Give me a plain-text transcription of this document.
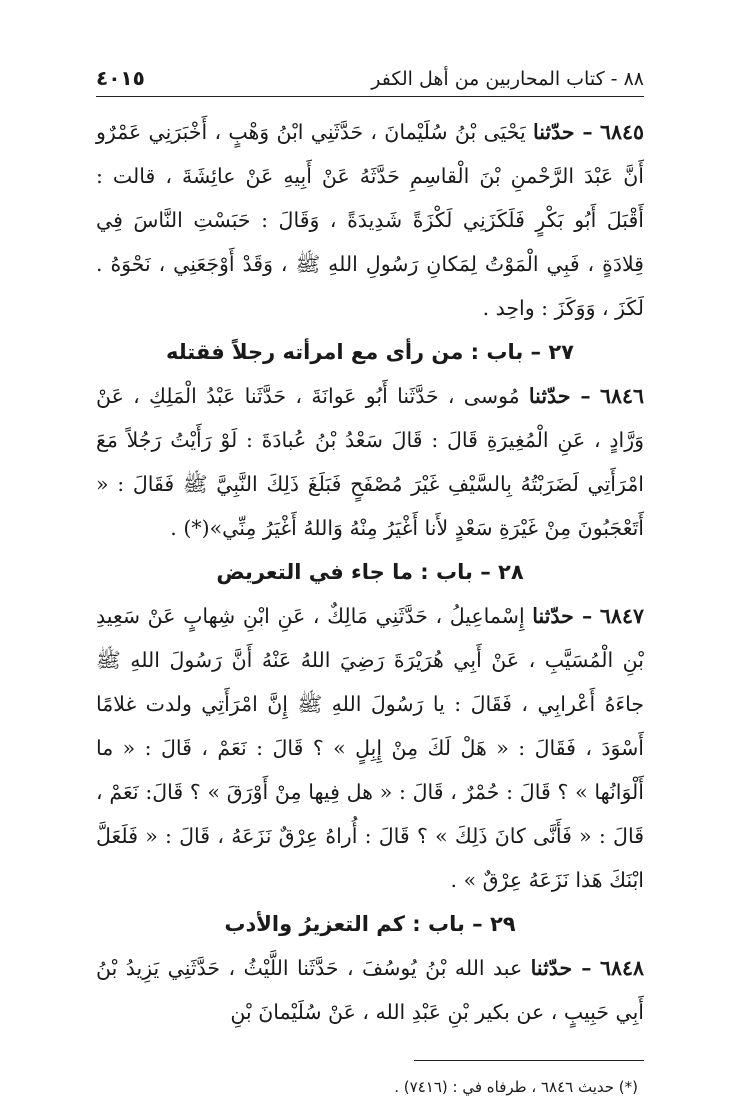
٨٨ - كتاب المحاربين من أهل الكفر
٤٠١٥

٦٨٤٥ – حدّثنا يَحْيَى بْنُ سُلَيْمانَ ، حَدَّثَنِي ابْنُ وَهْبٍ ، أَخْبَرَنِي عَمْرٌو أَنَّ عَبْدَ الرَّحْمنِ بْنَ الْقاسِمِ حَدَّثَهُ عَنْ أَبِيهِ عَنْ عائِشَةَ ، قالت : أَقْبَلَ أَبُو بَكْرٍ فَلَكَزَنِي لَكْزَةً شَدِيدَةً ، وَقَالَ : حَبَسْتِ النَّاسَ فِي قِلادَةٍ ، فَبِي الْمَوْتُ لِمَكانِ رَسُولِ اللهِ ﷺ ، وَقَدْ أَوْجَعَنِي ، نَحْوَهُ . لَكَزَ ، وَوَكَزَ : واحِد .

٢٧ – باب : من رأى مع امرأته رجلاً فقتله

٦٨٤٦ – حدّثنا مُوسى ، حَدَّثَنا أَبُو عَوانَةَ ، حَدَّثَنا عَبْدُ الْمَلِكِ ، عَنْ وَرَّادٍ ، عَنِ الْمُغِيرَةِ قَالَ : قَالَ سَعْدُ بْنُ عُبادَةَ : لَوْ رَأَيْتُ رَجُلاً مَعَ امْرَأَتِي لَضَرَبْتُهُ بِالسَّيْفِ غَيْرَ مُصْفَحٍ فَبَلَغَ ذَلِكَ النَّبِيَّ ﷺ فَقَالَ : « أَتَعْجَبُونَ مِنْ غَيْرَةِ سَعْدٍ لأَنا أَغْيَرُ مِنْهُ وَاللهُ أَغْيَرُ مِنِّي»(*) .

٢٨ – باب : ما جاء في التعريض

٦٨٤٧ – حدّثنا إِسْماعِيلُ ، حَدَّثَنِي مَالِكٌ ، عَنِ ابْنِ شِهابٍ عَنْ سَعِيدِ بْنِ الْمُسَيَّبِ ، عَنْ أَبِي هُرَيْرَةَ رَضِيَ اللهُ عَنْهُ أَنَّ رَسُولَ اللهِ ﷺ جاءَهُ أَعْرابِي ، فَقَالَ : يا رَسُولَ اللهِ ﷺ إِنَّ امْرَأَتِي ولدت غلامًا أَسْوَدَ ، فَقَالَ : « هَلْ لَكَ مِنْ إِبِلٍ » ؟ قَالَ : نَعَمْ ، قَالَ : « ما أَلْوَانُها » ؟ قَالَ : حُمْرٌ ، قَالَ : « هل فِيها مِنْ أَوْرَقَ » ؟ قَالَ: نَعَمْ ، قَالَ : « فَأَنَّى كانَ ذَلِكَ » ؟ قَالَ : أُراهُ عِرْقٌ نَزَعَهُ ، قَالَ : « فَلَعَلَّ ابْنَكَ هَذا نَزَعَهُ عِرْقٌ » .

٢٩ – باب : كم التعزيرُ والأدب

٦٨٤٨ – حدّثنا عبد الله بْنُ يُوسُفَ ، حَدَّثَنا اللَّيْثُ ، حَدَّثَنِي يَزِيدُ بْنُ أَبِي حَبِيبٍ ، عن بكير بْنِ عَبْدِ الله ، عَنْ سُلَيْمانَ بْنِ

(*) حديث ٦٨٤٦ ، طرفاه في : (٧٤١٦) .
